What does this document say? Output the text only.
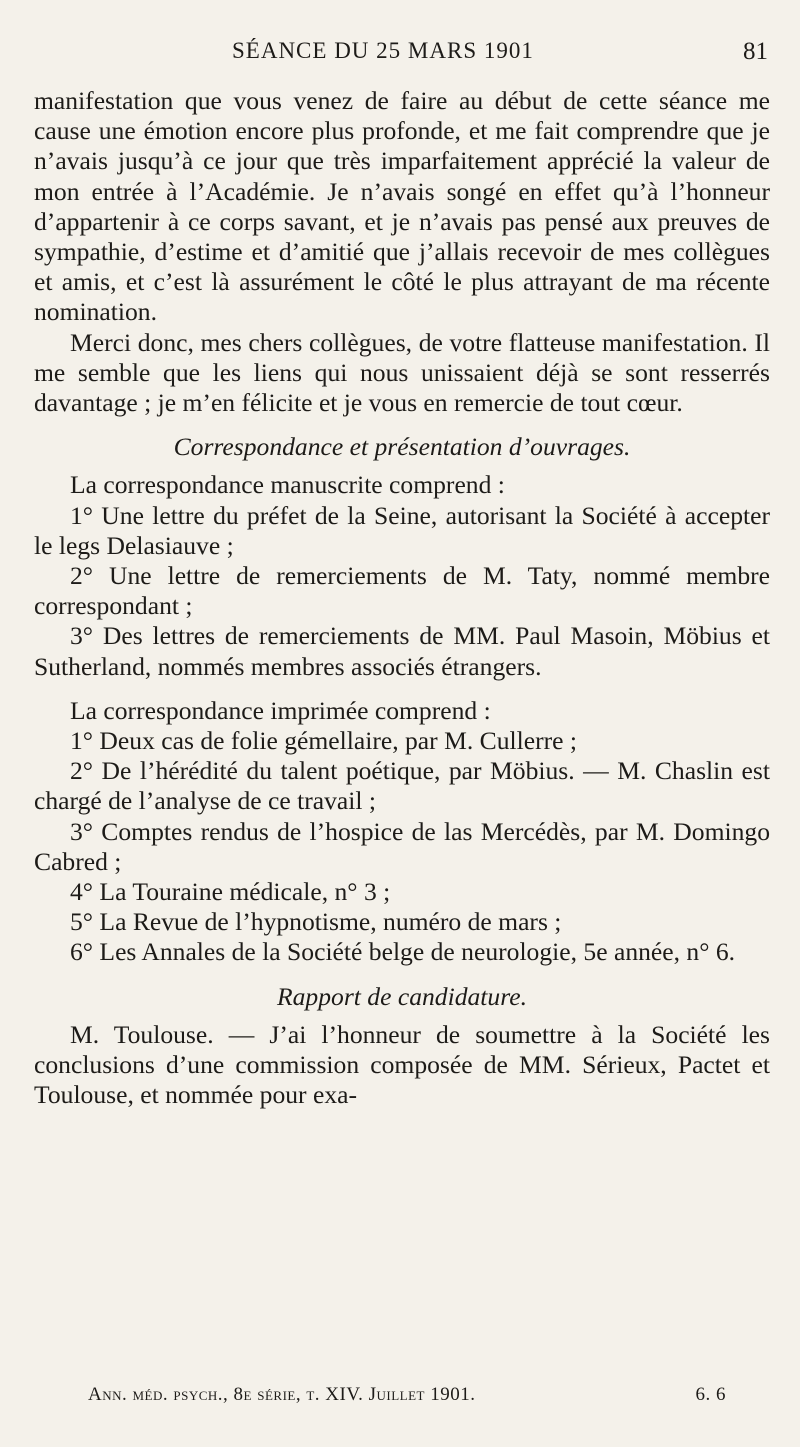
SÉANCE DU 25 MARS 1901	81

manifestation que vous venez de faire au début de cette séance me cause une émotion encore plus profonde, et me fait comprendre que je n’avais jusqu’à ce jour que très imparfaitement apprécié la valeur de mon entrée à l’Académie. Je n’avais songé en effet qu’à l’honneur d’appartenir à ce corps savant, et je n’avais pas pensé aux preuves de sympathie, d’estime et d’amitié que j’allais recevoir de mes collègues et amis, et c’est là assurément le côté le plus attrayant de ma récente nomination.

Merci donc, mes chers collègues, de votre flatteuse manifestation. Il me semble que les liens qui nous unissaient déjà se sont resserrés davantage ; je m’en félicite et je vous en remercie de tout cœur.

Correspondance et présentation d’ouvrages.

La correspondance manuscrite comprend :

1° Une lettre du préfet de la Seine, autorisant la Société à accepter le legs Delasiauve ;

2° Une lettre de remerciements de M. Taty, nommé membre correspondant ;

3° Des lettres de remerciements de MM. Paul Masoin, Möbius et Sutherland, nommés membres associés étrangers.

La correspondance imprimée comprend :

1° Deux cas de folie gémellaire, par M. Cullerre ;

2° De l’hérédité du talent poétique, par Möbius. — M. Chaslin est chargé de l’analyse de ce travail ;

3° Comptes rendus de l’hospice de las Mercédès, par M. Domingo Cabred ;

4° La Touraine médicale, n° 3 ;

5° La Revue de l’hypnotisme, numéro de mars ;

6° Les Annales de la Société belge de neurologie, 5e année, n° 6.

Rapport de candidature.

M. Toulouse. — J’ai l’honneur de soumettre à la Société les conclusions d’une commission composée de MM. Sérieux, Pactet et Toulouse, et nommée pour exa-

Ann. méd. psych., 8e série, t. XIV. Juillet 1901.	6. 6
